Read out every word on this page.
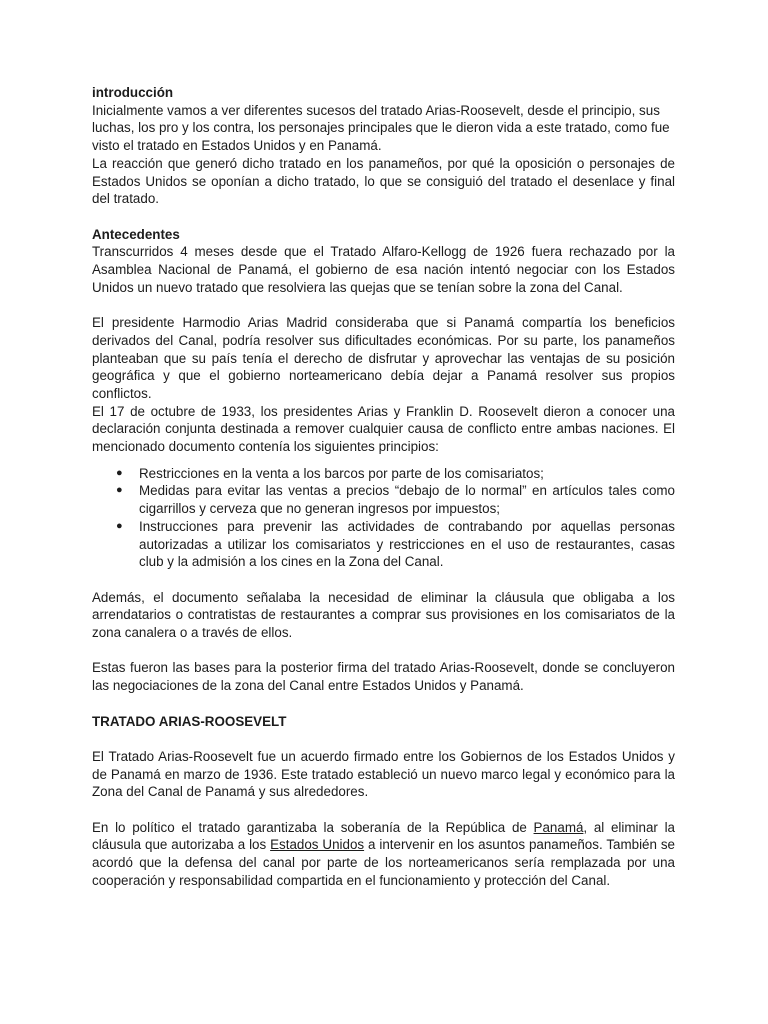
introducción

Inicialmente vamos a ver diferentes sucesos del tratado Arias-Roosevelt, desde el principio, sus luchas, los pro y los contra, los personajes principales que le dieron vida a este tratado, como fue visto el tratado en Estados Unidos y en Panamá.

La reacción que generó dicho tratado en los panameños, por qué la oposición o personajes de Estados Unidos se oponían a dicho tratado, lo que se consiguió del tratado el desenlace y final del tratado.

Antecedentes

Transcurridos 4 meses desde que el Tratado Alfaro-Kellogg de 1926 fuera rechazado por la Asamblea Nacional de Panamá, el gobierno de esa nación intentó negociar con los Estados Unidos un nuevo tratado que resolviera las quejas que se tenían sobre la zona del Canal.

El presidente Harmodio Arias Madrid consideraba que si Panamá compartía los beneficios derivados del Canal, podría resolver sus dificultades económicas. Por su parte, los panameños planteaban que su país tenía el derecho de disfrutar y aprovechar las ventajas de su posición geográfica y que el gobierno norteamericano debía dejar a Panamá resolver sus propios conflictos.

El 17 de octubre de 1933, los presidentes Arias y Franklin D. Roosevelt dieron a conocer una declaración conjunta destinada a remover cualquier causa de conflicto entre ambas naciones. El mencionado documento contenía los siguientes principios:

● Restricciones en la venta a los barcos por parte de los comisariatos;
● Medidas para evitar las ventas a precios “debajo de lo normal” en artículos tales como cigarrillos y cerveza que no generan ingresos por impuestos;
● Instrucciones para prevenir las actividades de contrabando por aquellas personas autorizadas a utilizar los comisariatos y restricciones en el uso de restaurantes, casas club y la admisión a los cines en la Zona del Canal.

Además, el documento señalaba la necesidad de eliminar la cláusula que obligaba a los arrendatarios o contratistas de restaurantes a comprar sus provisiones en los comisariatos de la zona canalera o a través de ellos.

Estas fueron las bases para la posterior firma del tratado Arias-Roosevelt, donde se concluyeron las negociaciones de la zona del Canal entre Estados Unidos y Panamá.

TRATADO ARIAS-ROOSEVELT

El Tratado Arias-Roosevelt fue un acuerdo firmado entre los Gobiernos de los Estados Unidos y de Panamá en marzo de 1936. Este tratado estableció un nuevo marco legal y económico para la Zona del Canal de Panamá y sus alrededores.

En lo político el tratado garantizaba la soberanía de la República de Panamá, al eliminar la cláusula que autorizaba a los Estados Unidos a intervenir en los asuntos panameños. También se acordó que la defensa del canal por parte de los norteamericanos sería remplazada por una cooperación y responsabilidad compartida en el funcionamiento y protección del Canal.
